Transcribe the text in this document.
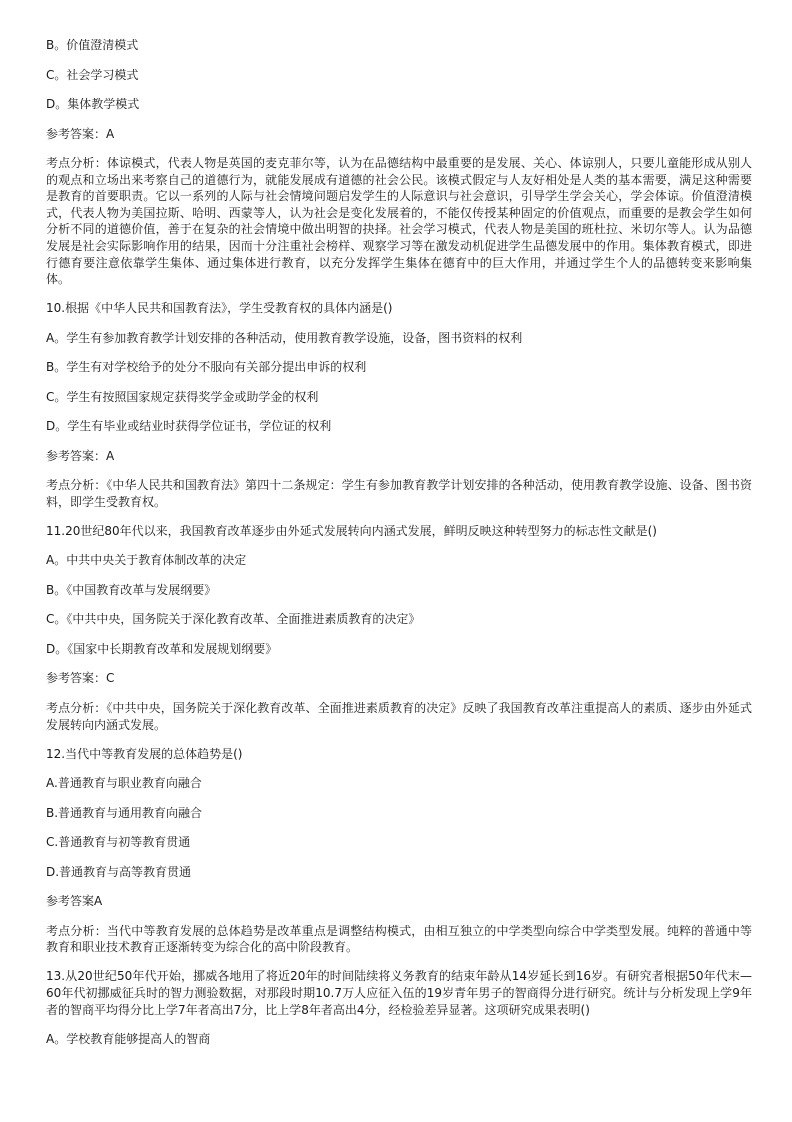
B。价值澄清模式

C。社会学习模式

D。集体教学模式

参考答案：A

考点分析：体谅模式，代表人物是英国的麦克菲尔等，认为在品德结构中最重要的是发展、关心、体谅别人，只要儿童能形成从别人的观点和立场出来考察自己的道德行为，就能发展成有道德的社会公民。该模式假定与人友好相处是人类的基本需要，满足这种需要是教育的首要职责。它以一系列的人际与社会情境问题启发学生的人际意识与社会意识，引导学生学会关心，学会体谅。价值澄清模式，代表人物为美国拉斯、哈明、西蒙等人，认为社会是变化发展着的，不能仅传授某种固定的价值观点，而重要的是教会学生如何分析不同的道德价值，善于在复杂的社会情境中做出明智的抉择。社会学习模式，代表人物是美国的班杜拉、米切尔等人。认为品德发展是社会实际影响作用的结果，因而十分注重社会榜样、观察学习等在激发动机促进学生品德发展中的作用。集体教育模式，即进行德育要注意依靠学生集体、通过集体进行教育，以充分发挥学生集体在德育中的巨大作用，并通过学生个人的品德转变来影响集体。

10.根据《中华人民共和国教育法》，学生受教育权的具体内涵是()

A。学生有参加教育教学计划安排的各种活动，使用教育教学设施，设备，图书资料的权利

B。学生有对学校给予的处分不服向有关部分提出申诉的权利

C。学生有按照国家规定获得奖学金或助学金的权利

D。学生有毕业或结业时获得学位证书，学位证的权利

参考答案：A

考点分析：《中华人民共和国教育法》第四十二条规定：学生有参加教育教学计划安排的各种活动，使用教育教学设施、设备、图书资料，即学生受教育权。

11.20世纪80年代以来，我国教育改革逐步由外延式发展转向内涵式发展，鲜明反映这种转型努力的标志性文献是()

A。中共中央关于教育体制改革的决定

B。《中国教育改革与发展纲要》

C。《中共中央，国务院关于深化教育改革、全面推进素质教育的决定》

D。《国家中长期教育改革和发展规划纲要》

参考答案：C

考点分析：《中共中央，国务院关于深化教育改革、全面推进素质教育的决定》反映了我国教育改革注重提高人的素质、逐步由外延式发展转向内涵式发展。

12.当代中等教育发展的总体趋势是()

A.普通教育与职业教育向融合

B.普通教育与通用教育向融合

C.普通教育与初等教育贯通

D.普通教育与高等教育贯通

参考答案A

考点分析：当代中等教育发展的总体趋势是改革重点是调整结构模式，由相互独立的中学类型向综合中学类型发展。纯粹的普通中等教育和职业技术教育正逐渐转变为综合化的高中阶段教育。

13.从20世纪50年代开始，挪威各地用了将近20年的时间陆续将义务教育的结束年龄从14岁延长到16岁。有研究者根据50年代末—60年代初挪威征兵时的智力测验数据，对那段时期10.7万人应征入伍的19岁青年男子的智商得分进行研究。统计与分析发现上学9年者的智商平均得分比上学7年者高出7分，比上学8年者高出4分，经检验差异显著。这项研究成果表明()

A。学校教育能够提高人的智商
